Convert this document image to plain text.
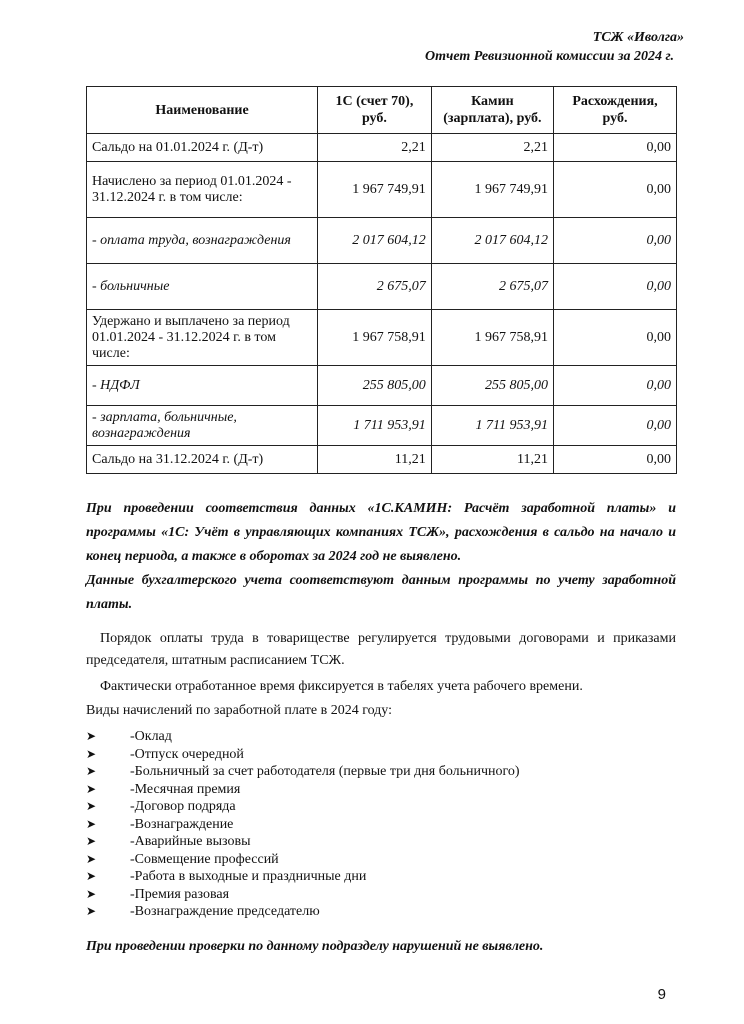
ТСЖ «Иволга»
Отчет Ревизионной комиссии за 2024 г.
Наименование	1С (счет 70), руб.	Камин (зарплата), руб.	Расхождения, руб.
Сальдо на 01.01.2024 г. (Д-т)	2,21	2,21	0,00
Начислено за период 01.01.2024 - 31.12.2024 г. в том числе:	1 967 749,91	1 967 749,91	0,00
- оплата труда, вознаграждения	2 017 604,12	2 017 604,12	0,00
- больничные	2 675,07	2 675,07	0,00
Удержано и выплачено за период 01.01.2024 - 31.12.2024 г. в том числе:	1 967 758,91	1 967 758,91	0,00
- НДФЛ	255 805,00	255 805,00	0,00
- зарплата, больничные, вознаграждения	1 711 953,91	1 711 953,91	0,00
Сальдо на 31.12.2024 г. (Д-т)	11,21	11,21	0,00

При проведении соответствия данных «1С.КАМИН: Расчёт заработной платы» и программы «1С: Учёт в управляющих компаниях ТСЖ», расхождения в сальдо на начало и конец периода, а также в оборотах за 2024 год не выявлено.

Данные бухгалтерского учета соответствуют данным программы по учету заработной платы.

Порядок оплаты труда в товариществе регулируется трудовыми договорами и приказами председателя, штатным расписанием ТСЖ.

Фактически отработанное время фиксируется в табелях учета рабочего времени.

Виды начислений по заработной плате в 2024 году:

➤	-Оклад
➤	-Отпуск очередной
➤	-Больничный за счет работодателя (первые три дня больничного)
➤	-Месячная премия
➤	-Договор подряда
➤	-Вознаграждение
➤	-Аварийные вызовы
➤	-Совмещение профессий
➤	-Работа в выходные и праздничные дни
➤	-Премия разовая
➤	-Вознаграждение председателю
При проведении проверки по данному подразделу нарушений не выявлено.
9
